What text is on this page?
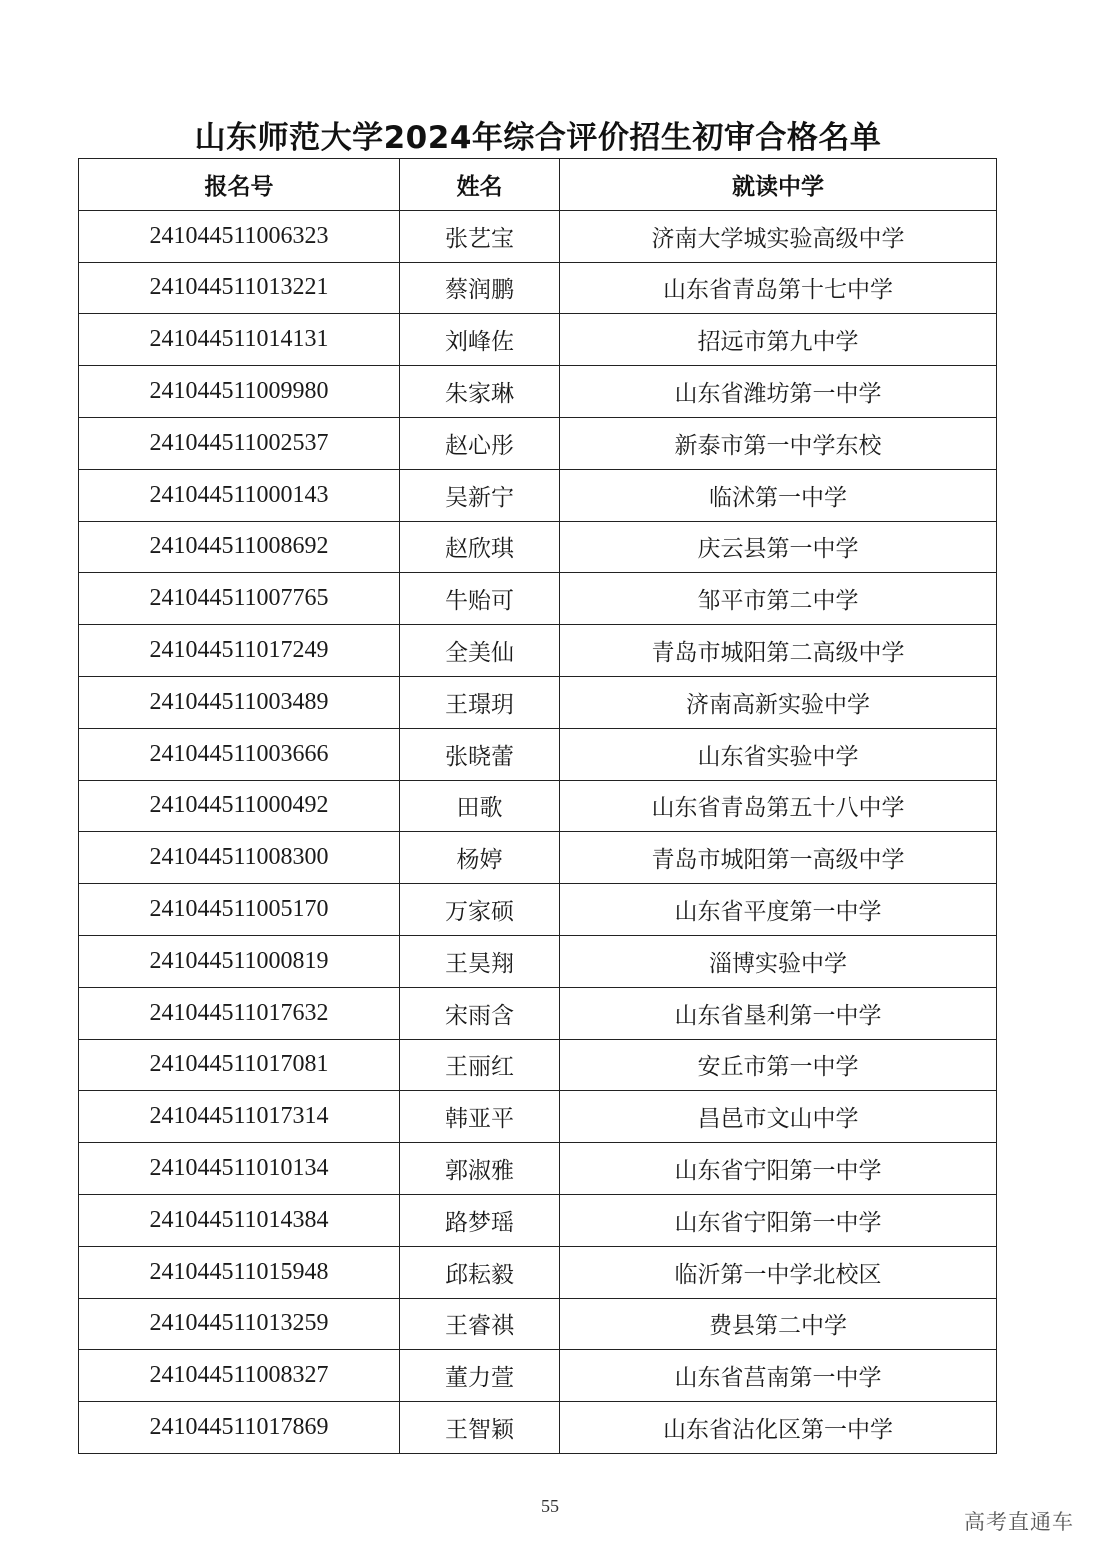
山东师范大学2024年综合评价招生初审合格名单
报名号	姓名	就读中学
241044511006323	张艺宝	济南大学城实验高级中学
241044511013221	蔡润鹏	山东省青岛第十七中学
241044511014131	刘峰佐	招远市第九中学
241044511009980	朱家琳	山东省潍坊第一中学
241044511002537	赵心彤	新泰市第一中学东校
241044511000143	吴新宁	临沭第一中学
241044511008692	赵欣琪	庆云县第一中学
241044511007765	牛贻可	邹平市第二中学
241044511017249	全美仙	青岛市城阳第二高级中学
241044511003489	王璟玥	济南高新实验中学
241044511003666	张晓蕾	山东省实验中学
241044511000492	田歌	山东省青岛第五十八中学
241044511008300	杨婷	青岛市城阳第一高级中学
241044511005170	万家硕	山东省平度第一中学
241044511000819	王昊翔	淄博实验中学
241044511017632	宋雨含	山东省垦利第一中学
241044511017081	王丽红	安丘市第一中学
241044511017314	韩亚平	昌邑市文山中学
241044511010134	郭淑雅	山东省宁阳第一中学
241044511014384	路梦瑶	山东省宁阳第一中学
241044511015948	邱耘毅	临沂第一中学北校区
241044511013259	王睿祺	费县第二中学
241044511008327	董力萱	山东省莒南第一中学
241044511017869	王智颖	山东省沾化区第一中学
55
高考直通车
